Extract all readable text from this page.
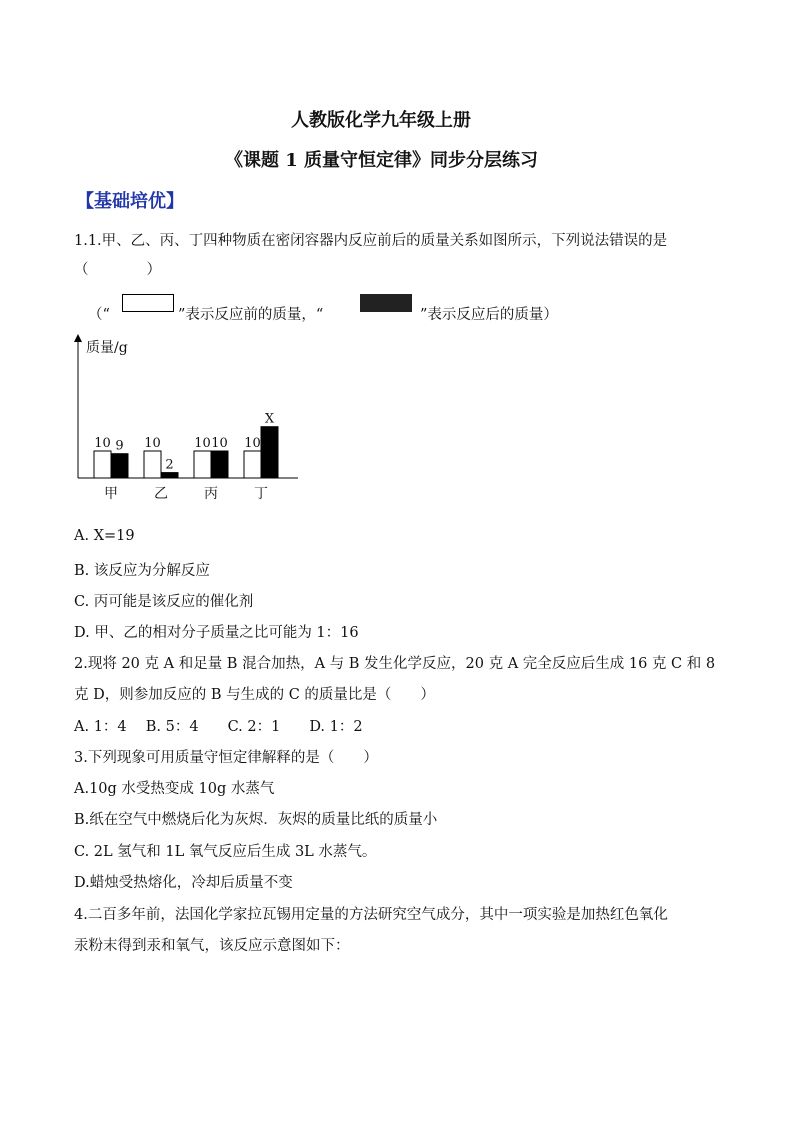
人教版化学九年级上册
《课题 1 质量守恒定律》同步分层练习
【基础培优】
1.1.甲、乙、丙、丁四种物质在密闭容器内反应前后的质量关系如图所示，下列说法错误的是
（　　　　）
（“	”表示反应前的质量，“	”表示反应后的质量）
质量/g
10 9
甲
10
2
乙
10 10
丙
10
X
丁
A. X=19
B. 该反应为分解反应
C. 丙可能是该反应的催化剂
D. 甲、乙的相对分子质量之比可能为 1：16
2.现将 20 克 A 和足量 B 混合加热，A 与 B 发生化学反应，20 克 A 完全反应后生成 16 克 C 和 8
克 D，则参加反应的 B 与生成的 C 的质量比是（　　）
A. 1：4　 B. 5：4　　C. 2：1　　D. 1：2
3.下列现象可用质量守恒定律解释的是（　　）
A.10g 水受热变成 10g 水蒸气
B.纸在空气中燃烧后化为灰烬．灰烬的质量比纸的质量小
C. 2L 氢气和 1L 氧气反应后生成 3L 水蒸气。
D.蜡烛受热熔化，冷却后质量不变
4.二百多年前，法国化学家拉瓦锡用定量的方法研究空气成分，其中一项实验是加热红色氧化
汞粉末得到汞和氧气，该反应示意图如下：
